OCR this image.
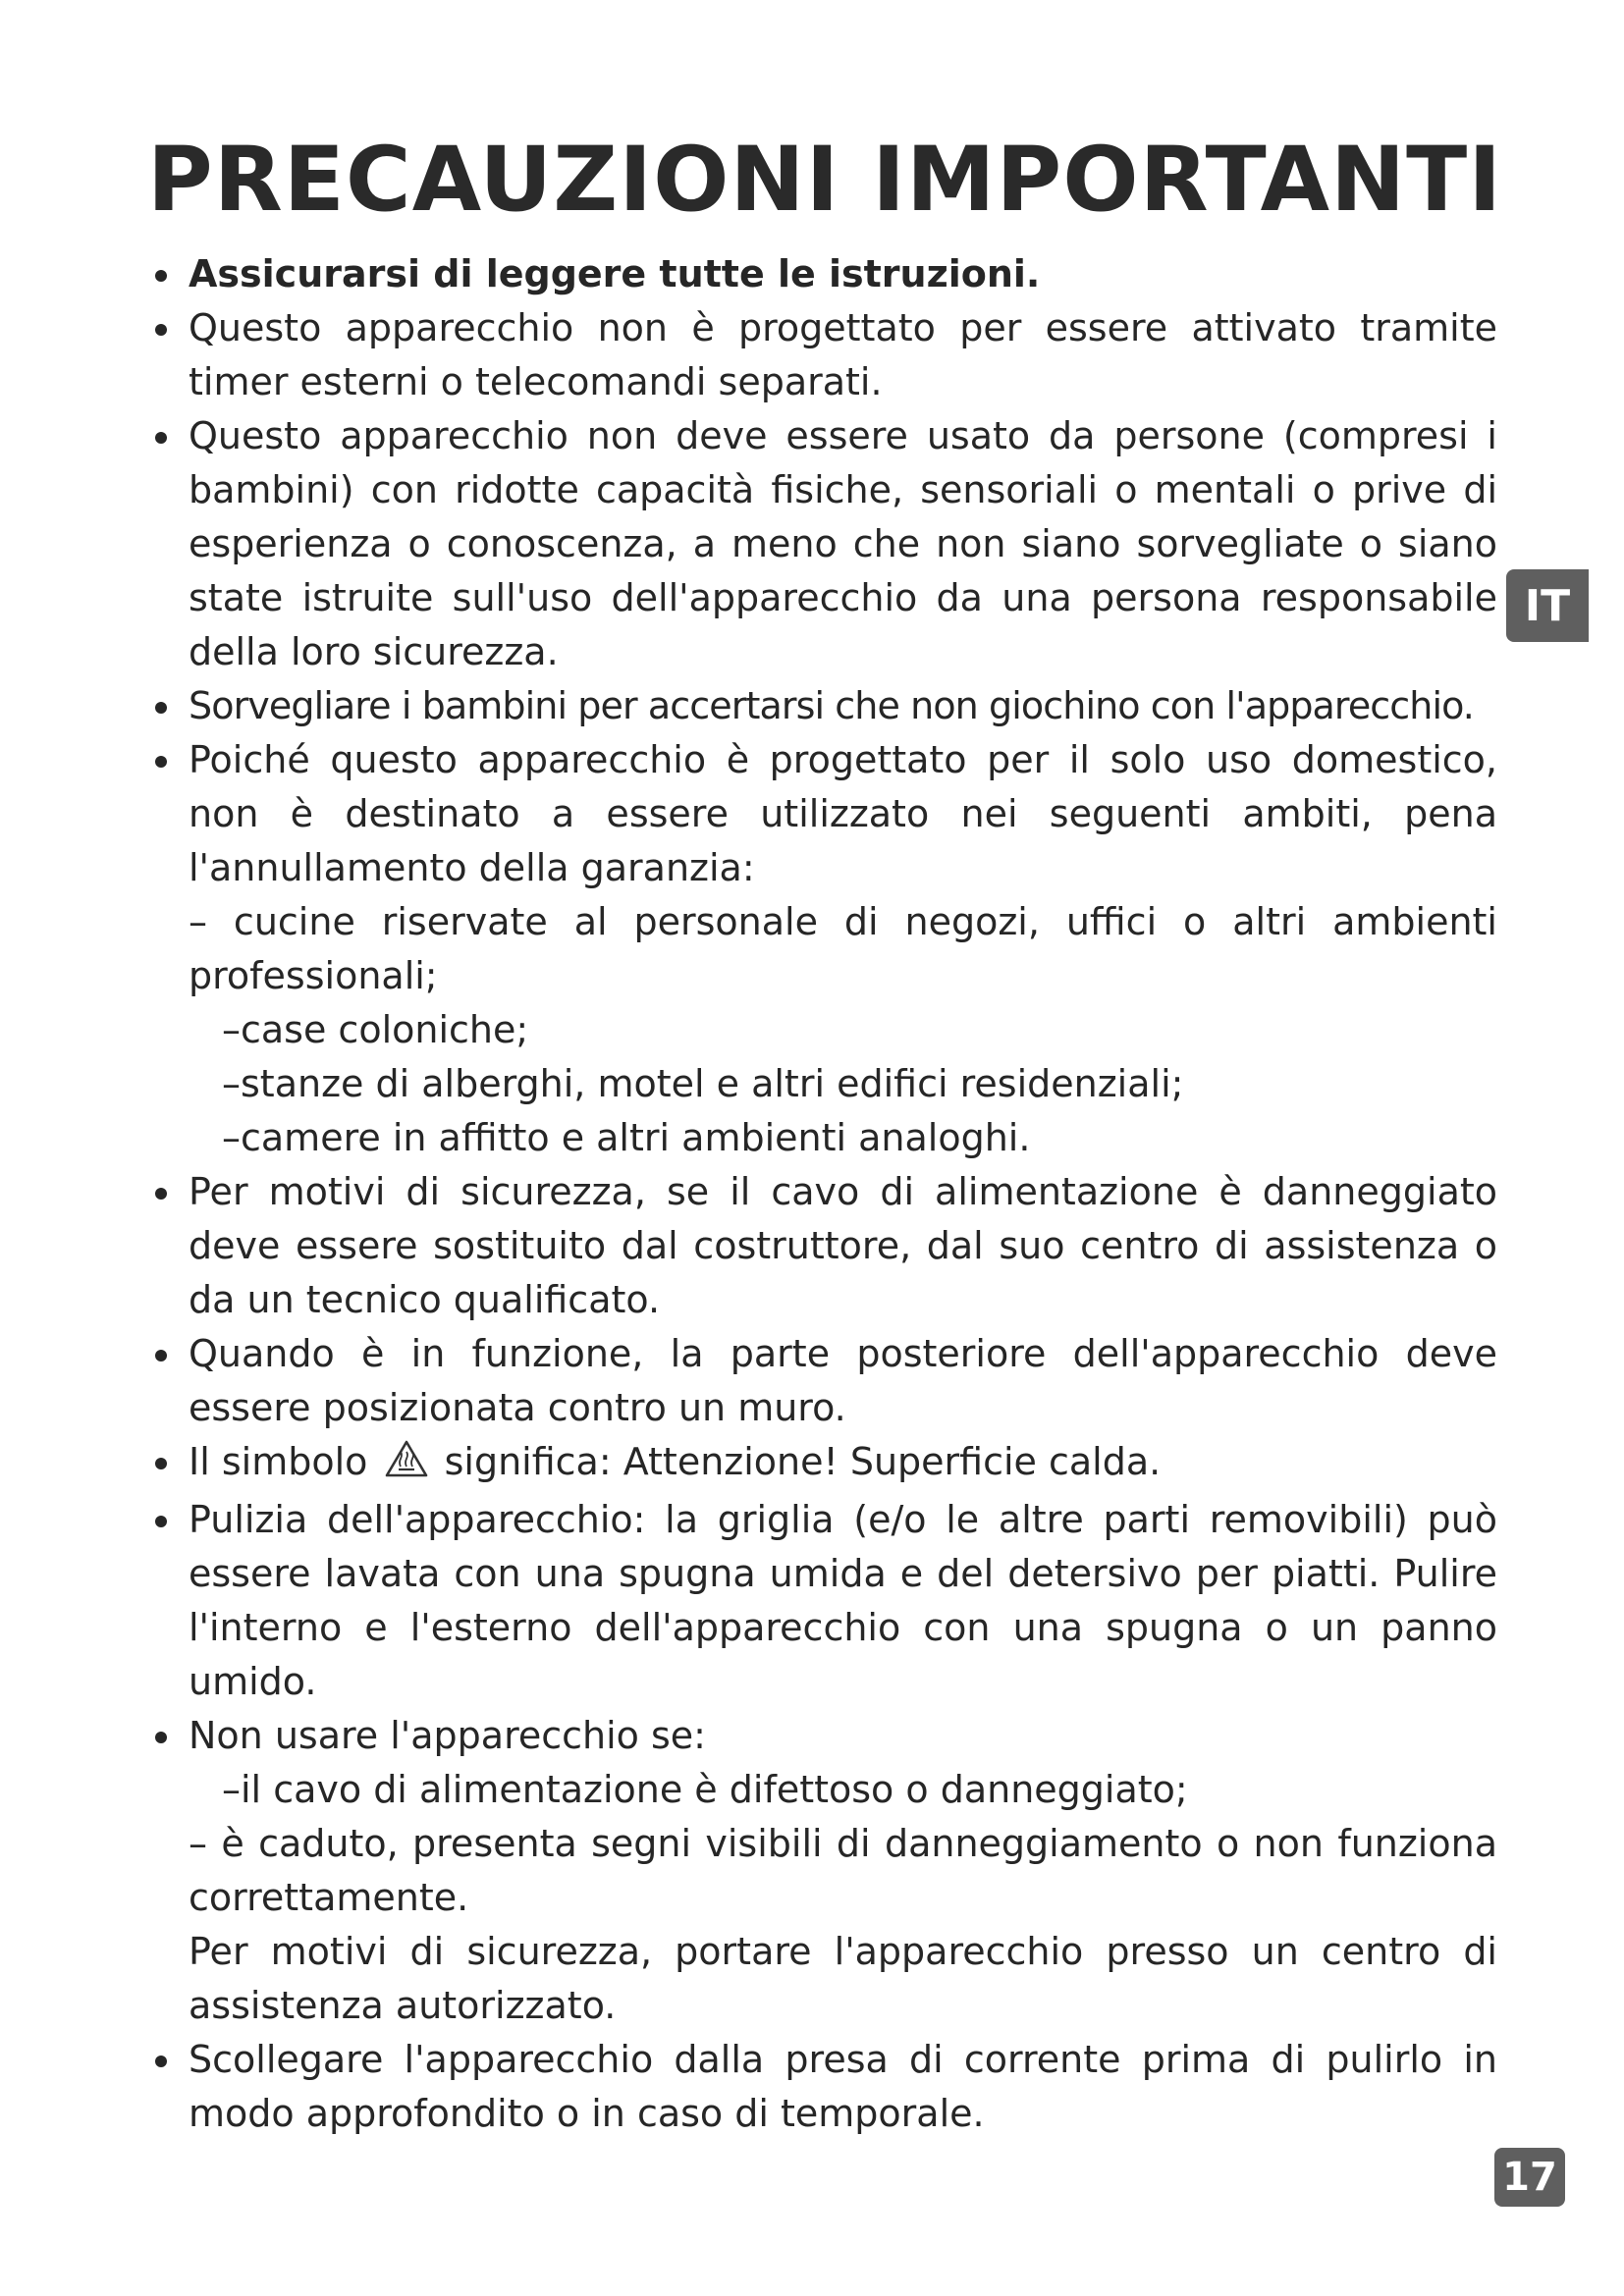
PRECAUZIONI IMPORTANTI
Assicurarsi di leggere tutte le istruzioni.
Questo apparecchio non è progettato per essere attivato tramite timer esterni o telecomandi separati.
Questo apparecchio non deve essere usato da persone (compresi i bambini) con ridotte capacità fisiche, sensoriali o mentali o prive di esperienza o conoscenza, a meno che non siano sorvegliate o siano state istruite sull'uso dell'apparecchio da una persona responsabile della loro sicurezza.
Sorvegliare i bambini per accertarsi che non giochino con l'apparecchio.
Poiché questo apparecchio è progettato per il solo uso domestico, non è destinato a essere utilizzato nei seguenti ambiti, pena l'annullamento della garanzia:
– cucine riservate al personale di negozi, uffici o altri ambienti professionali;
–case coloniche;
–stanze di alberghi, motel e altri edifici residenziali;
–camere in affitto e altri ambienti analoghi.
Per motivi di sicurezza, se il cavo di alimentazione è danneggiato deve essere sostituito dal costruttore, dal suo centro di assistenza o da un tecnico qualificato.
Quando è in funzione, la parte posteriore dell'apparecchio deve essere posizionata contro un muro.
Il simbolo significa: Attenzione! Superficie calda.
Pulizia dell'apparecchio: la griglia (e/o le altre parti removibili) può essere lavata con una spugna umida e del detersivo per piatti. Pulire l'interno e l'esterno dell'apparecchio con una spugna o un panno umido.
Non usare l'apparecchio se:
–il cavo di alimentazione è difettoso o danneggiato;
– è caduto, presenta segni visibili di danneggiamento o non funziona correttamente.
Per motivi di sicurezza, portare l'apparecchio presso un centro di assistenza autorizzato.
Scollegare l'apparecchio dalla presa di corrente prima di pulirlo in modo approfondito o in caso di temporale.
IT
17
